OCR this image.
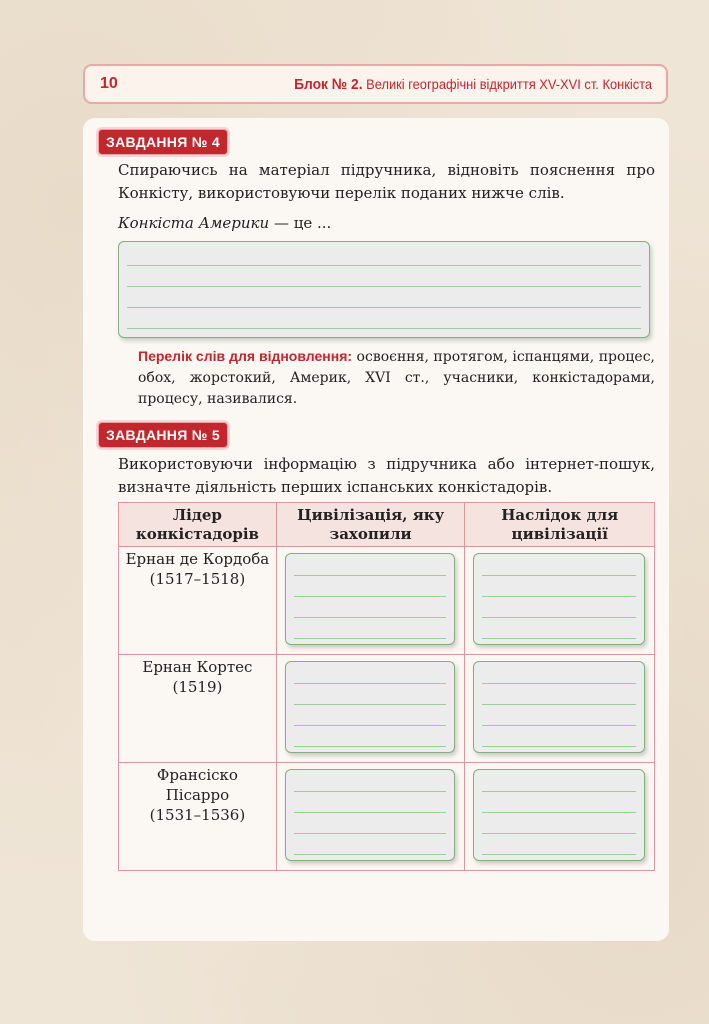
10	Блок № 2. Великі географічні відкриття XV-XVI ст. Конкіста
ЗАВДАННЯ № 4

Спираючись на матеріал підручника, відновіть пояснення про Конкісту, використовуючи перелік поданих нижче слів.

Конкіста Америки — це ...

Перелік слів для відновлення: освоєння, протягом, іспанцями, процес, обох, жорстокий, Америк, XVI ст., учасники, конкістадорами, процесу, називалися.

ЗАВДАННЯ № 5

Використовуючи інформацію з підручника або інтернет-пошук, визначте діяльність перших іспанських конкістадорів.

Лідер конкістадорів	Цивілізація, яку захопили	Наслідок для цивілізації

Ернан де Кордоба
(1517–1518)		

Ернан Кортес
(1519)		

Франсіско Пісарро
(1531–1536)		
